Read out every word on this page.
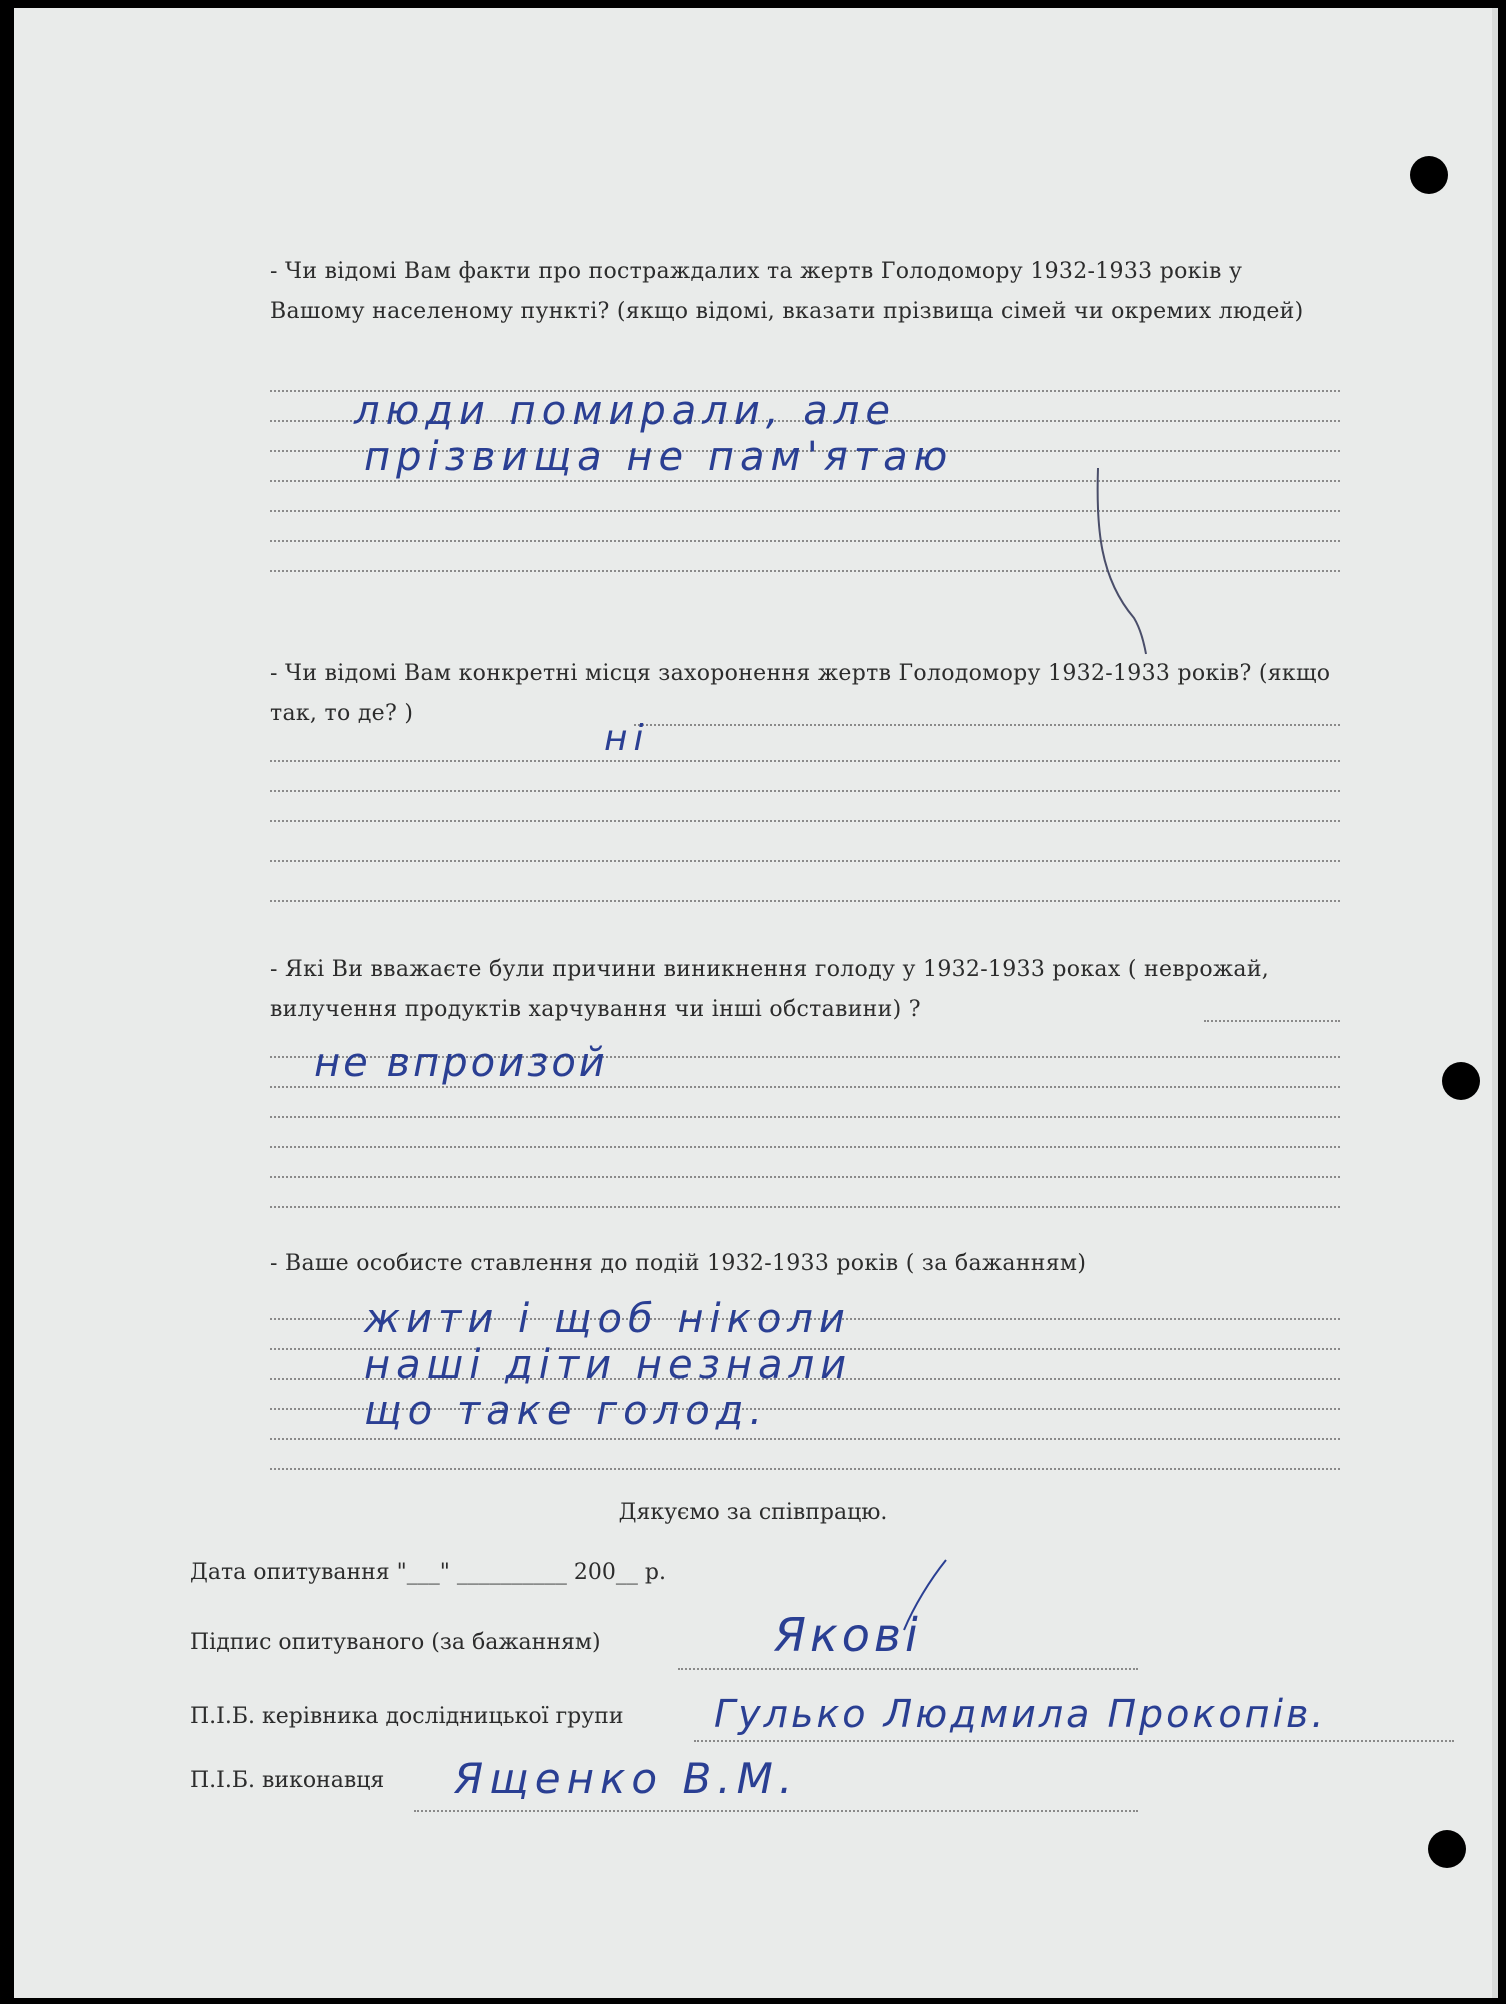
- Чи відомі Вам факти про постраждалих та жертв Голодомору 1932-1933 років у Вашому населеному пункті? (якщо відомі, вказати прізвища сімей чи окремих людей)
люди помирали, але
прізвища не пам'ятаю
- Чи відомі Вам конкретні місця захоронення жертв Голодомору 1932-1933 років? (якщо так, то де? )
ні
- Які Ви вважаєте були причини виникнення голоду у 1932-1933 роках ( неврожай, вилучення продуктів харчування чи інші обставини) ?
не впроизой
- Ваше особисте ставлення до подій 1932-1933 років ( за бажанням)
жити і щоб ніколи
наші діти незнали
що таке голод.
Дякуємо за співпрацю.
Дата опитування "___" __________ 200__ р.
Підпис опитуваного (за бажанням)	Якові
П.І.Б. керівника дослідницької групи Гулько Людмила Прокопів.
П.І.Б. виконавця Ященко В.М.
